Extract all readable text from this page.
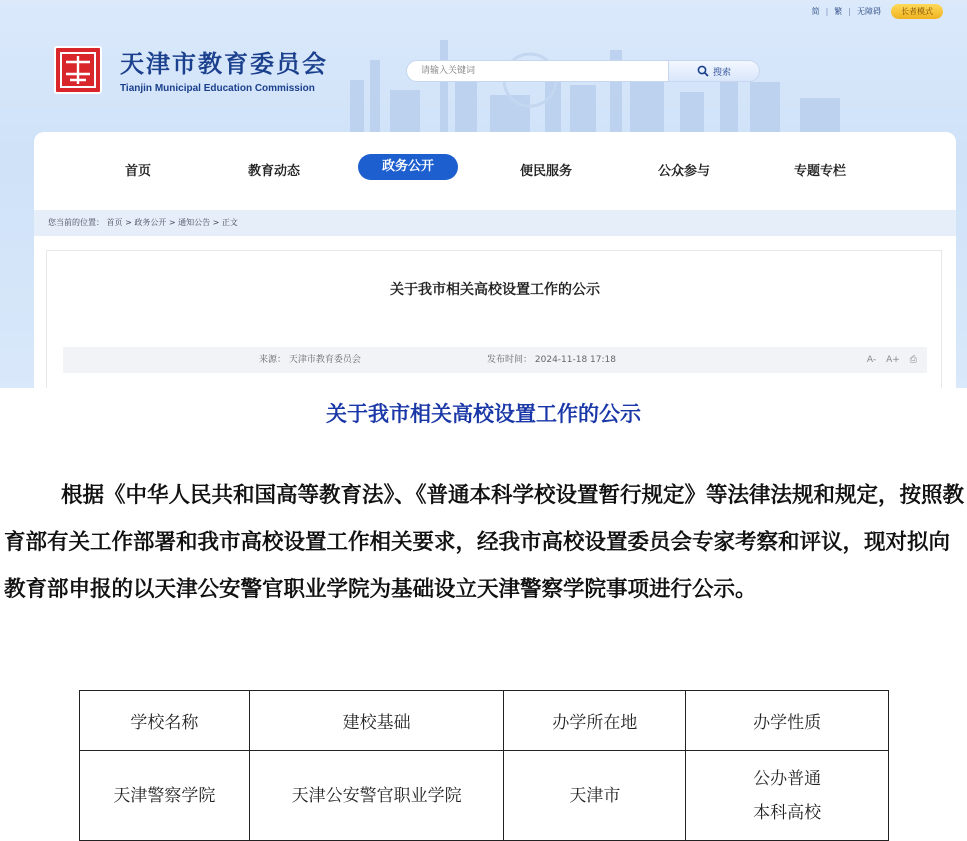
简 | 繁 | 无障碍	长者模式
天津市教育委员会
Tianjin Municipal Education Commission
请输入关键词
搜索
首页	教育动态	政务公开	便民服务	公众参与	专题专栏
您当前的位置： 首页 > 政务公开 > 通知公告 > 正文
关于我市相关高校设置工作的公示
来源： 天津市教育委员会	发布时间： 2024-11-18 17:18	A- A+ ⎙
关于我市相关高校设置工作的公示

根据《中华人民共和国高等教育法》、《普通本科学校设置暂行规定》等法律法规和规定，按照教育部有关工作部署和我市高校设置工作相关要求，经我市高校设置委员会专家考察和评议，现对拟向教育部申报的以天津公安警官职业学院为基础设立天津警察学院事项进行公示。

学校名称	建校基础	办学所在地	办学性质
天津警察学院	天津公安警官职业学院	天津市	公办普通
本科高校
